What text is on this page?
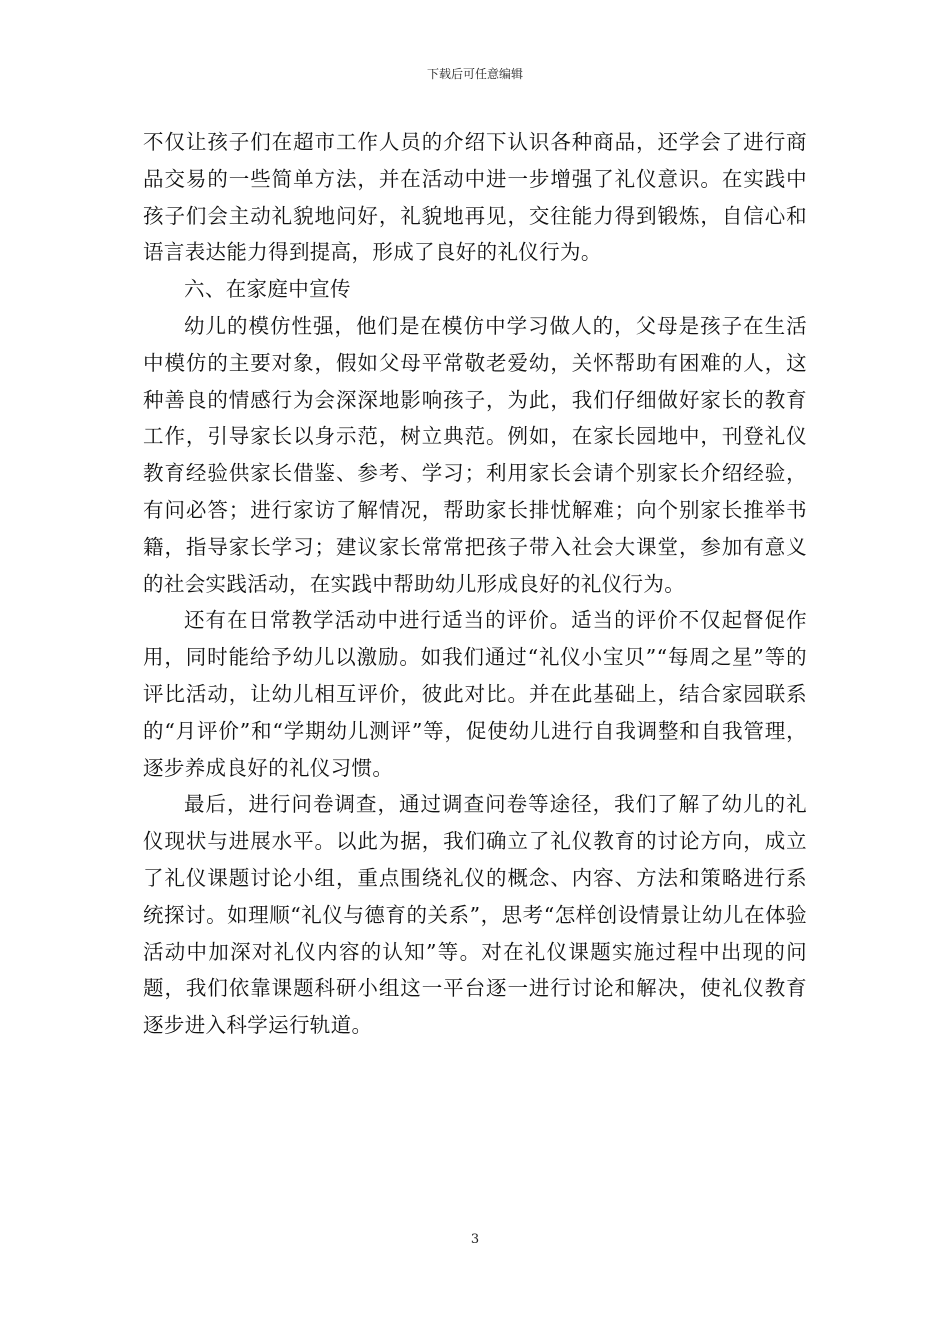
下载后可任意编辑

不仅让孩子们在超市工作人员的介绍下认识各种商品，还学会了进行商品交易的一些简单方法，并在活动中进一步增强了礼仪意识。在实践中孩子们会主动礼貌地问好，礼貌地再见，交往能力得到锻炼，自信心和语言表达能力得到提高，形成了良好的礼仪行为。

六、在家庭中宣传

幼儿的模仿性强，他们是在模仿中学习做人的，父母是孩子在生活中模仿的主要对象，假如父母平常敬老爱幼，关怀帮助有困难的人，这种善良的情感行为会深深地影响孩子，为此，我们仔细做好家长的教育工作，引导家长以身示范，树立典范。例如，在家长园地中，刊登礼仪教育经验供家长借鉴、参考、学习；利用家长会请个别家长介绍经验，有问必答；进行家访了解情况，帮助家长排忧解难；向个别家长推举书籍，指导家长学习；建议家长常常把孩子带入社会大课堂，参加有意义的社会实践活动，在实践中帮助幼儿形成良好的礼仪行为。

还有在日常教学活动中进行适当的评价。适当的评价不仅起督促作用，同时能给予幼儿以激励。如我们通过“礼仪小宝贝”“每周之星”等的评比活动，让幼儿相互评价，彼此对比。并在此基础上，结合家园联系的“月评价”和“学期幼儿测评”等，促使幼儿进行自我调整和自我管理，逐步养成良好的礼仪习惯。

最后，进行问卷调查，通过调查问卷等途径，我们了解了幼儿的礼仪现状与进展水平。以此为据，我们确立了礼仪教育的讨论方向，成立了礼仪课题讨论小组，重点围绕礼仪的概念、内容、方法和策略进行系统探讨。如理顺“礼仪与德育的关系”，思考“怎样创设情景让幼儿在体验活动中加深对礼仪内容的认知”等。对在礼仪课题实施过程中出现的问题，我们依靠课题科研小组这一平台逐一进行讨论和解决，使礼仪教育逐步进入科学运行轨道。

3
